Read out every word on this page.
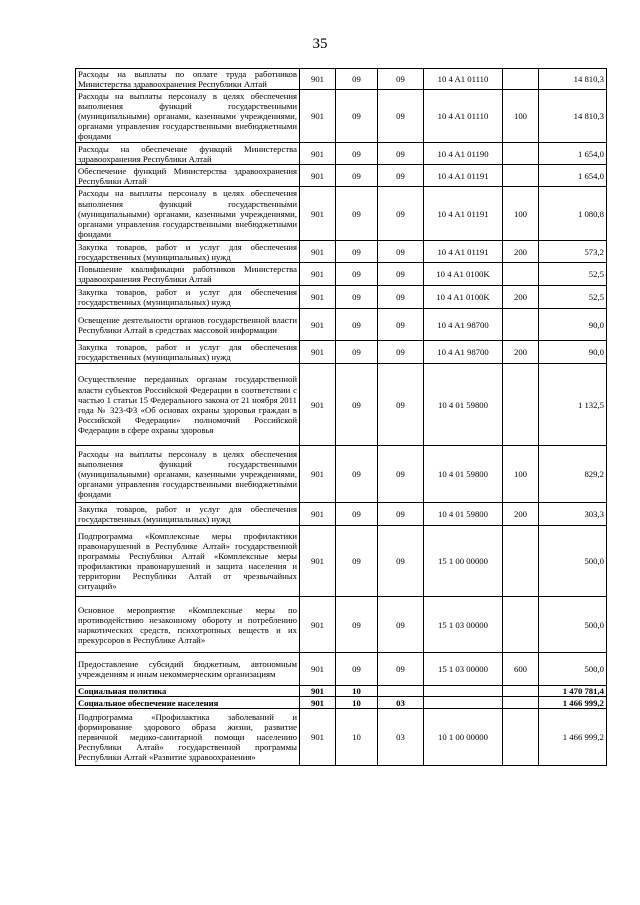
35
Расходы на выплаты по оплате труда работников Министерства здравоохранения Республики Алтай	901	09	09	10 4 A1 01110		14 810,3
Расходы на выплаты персоналу в целях обеспечения выполнения функций государственными (муниципальными) органами, казенными учреждениями, органами управления государственными внебюджетными фондами	901	09	09	10 4 A1 01110	100	14 810,3
Расходы на обеспечение функций Министерства здравоохранения Республики Алтай	901	09	09	10 4 A1 01190		1 654,0
Обеспечение функций Министерства здравоохранения Республики Алтай	901	09	09	10 4 A1 01191		1 654,0
Расходы на выплаты персоналу в целях обеспечения выполнения функций государственными (муниципальными) органами, казенными учреждениями, органами управления государственными внебюджетными фондами	901	09	09	10 4 A1 01191	100	1 080,8
Закупка товаров, работ и услуг для обеспечения государственных (муниципальных) нужд	901	09	09	10 4 A1 01191	200	573,2
Повышение квалификации работников Министерства здравоохранения Республики Алтай	901	09	09	10 4 A1 0100K		52,5
Закупка товаров, работ и услуг для обеспечения государственных (муниципальных) нужд	901	09	09	10 4 A1 0100K	200	52,5
Освещение деятельности органов государственной власти Республики Алтай в средствах массовой информации	901	09	09	10 4 A1 98700		90,0
Закупка товаров, работ и услуг для обеспечения государственных (муниципальных) нужд	901	09	09	10 4 A1 98700	200	90,0
Осуществление переданных органам государственной власти субъектов Российской Федерации в соответствии с частью 1 статьи 15 Федерального закона от 21 ноября 2011 года № 323-ФЗ «Об основах охраны здоровья граждан в Российской Федерации» полномочий Российской Федерации в сфере охраны здоровья	901	09	09	10 4 01 59800		1 132,5
Расходы на выплаты персоналу в целях обеспечения выполнения функций государственными (муниципальными) органами, казенными учреждениями, органами управления государственными внебюджетными фондами	901	09	09	10 4 01 59800	100	829,2
Закупка товаров, работ и услуг для обеспечения государственных (муниципальных) нужд	901	09	09	10 4 01 59800	200	303,3
Подпрограмма «Комплексные меры профилактики правонарушений в Республике Алтай» государственной программы Республики Алтай «Комплексные меры профилактики правонарушений и защита населения и территории Республики Алтай от чрезвычайных ситуаций»	901	09	09	15 1 00 00000		500,0
Основное мероприятие «Комплексные меры по противодействию незаконному обороту и потреблению наркотических средств, психотропных веществ и их прекурсоров в Республике Алтай»	901	09	09	15 1 03 00000		500,0
Предоставление субсидий бюджетным, автономным учреждениям и иным некоммерческим организациям	901	09	09	15 1 03 00000	600	500,0
Социальная политика	901	10				1 470 781,4
Социальное обеспечение населения	901	10	03			1 466 999,2
Подпрограмма «Профилактика заболеваний и формирование здорового образа жизни, развитие первичной медико-санитарной помощи населению Республики Алтай» государственной программы Республики Алтай «Развитие здравоохранения»	901	10	03	10 1 00 00000		1 466 999,2
